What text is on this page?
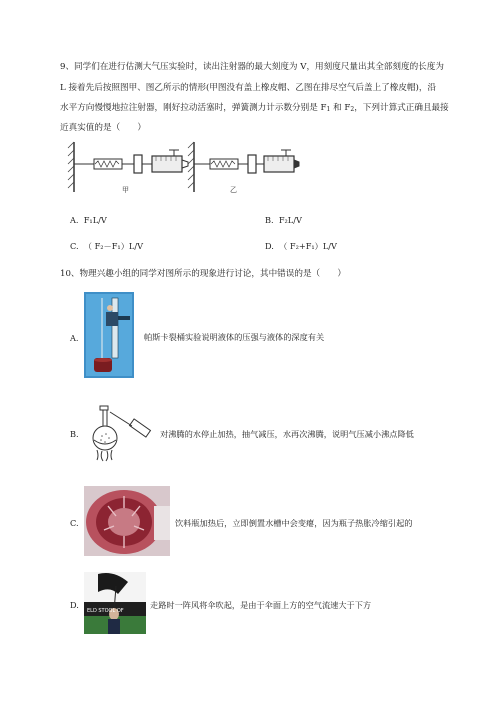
9、同学们在进行估测大气压实验时，读出注射器的最大刻度为 V，用刻度尺量出其全部刻度的长度为
L 接着先后按照图甲、图乙所示的情形(甲图没有盖上橡皮帽、乙图在排尽空气后盖上了橡皮帽)，沿
水平方向慢慢地拉注射器，刚好拉动活塞时，弹簧测力计示数分别是 F1 和 F2，下列计算式正确且最接
近真实值的是（　　）
甲	乙
A. F₁L/V	B. F₂L/V
C. （ F₂－F₁）L/V	D. （ F₂+F₁）L/V
10、物理兴趣小组的同学对图所示的现象进行讨论，其中错误的是（　　）
A.	帕斯卡裂桶实验说明液体的压强与液体的深度有关
B.	对沸腾的水停止加热，抽气减压，水再次沸腾，说明气压减小沸点降低
C.	饮料瓶加热后，立即倒置水槽中会变瘪，因为瓶子热胀冷缩引起的
D.
ELD STOOL OF
走路时一阵风将伞吹起，是由于伞面上方的空气流速大于下方
